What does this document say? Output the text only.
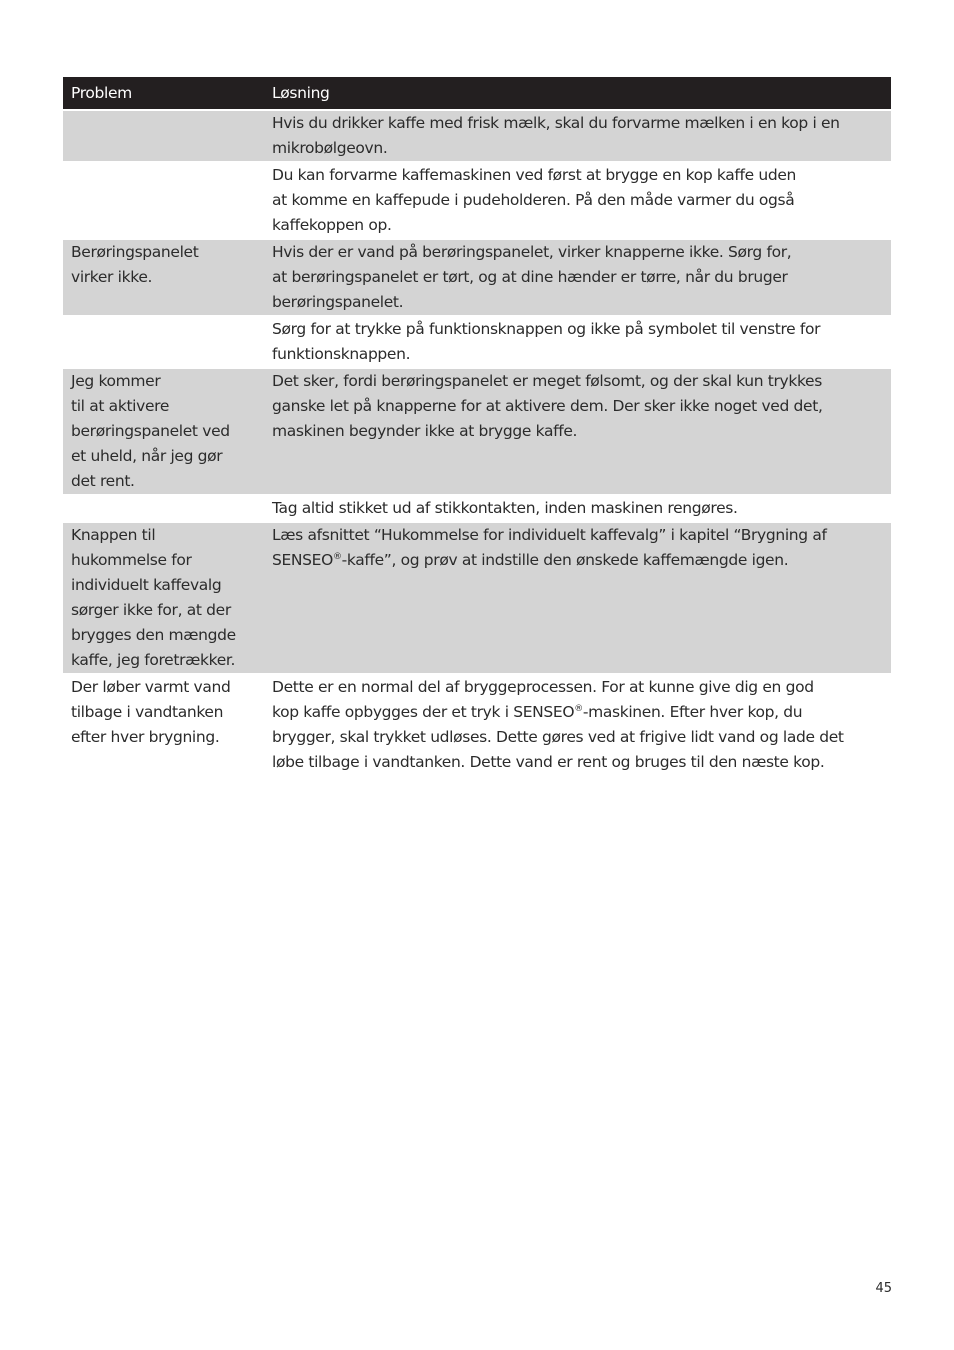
Problem	Løsning
Hvis du drikker kaffe med frisk mælk, skal du forvarme mælken i en kop i en
mikrobølgeovn.
Du kan forvarme kaffemaskinen ved først at brygge en kop kaffe uden
at komme en kaffepude i pudeholderen. På den måde varmer du også
kaffekoppen op.
Berøringspanelet
virker ikke.
Hvis der er vand på berøringspanelet, virker knapperne ikke. Sørg for,
at berøringspanelet er tørt, og at dine hænder er tørre, når du bruger
berøringspanelet.
Sørg for at trykke på funktionsknappen og ikke på symbolet til venstre for
funktionsknappen.
Jeg kommer
til at aktivere
berøringspanelet ved
et uheld, når jeg gør
det rent.
Det sker, fordi berøringspanelet er meget følsomt, og der skal kun trykkes
ganske let på knapperne for at aktivere dem. Der sker ikke noget ved det,
maskinen begynder ikke at brygge kaffe.
Tag altid stikket ud af stikkontakten, inden maskinen rengøres.
Knappen til
hukommelse for
individuelt kaffevalg
sørger ikke for, at der
brygges den mængde
kaffe, jeg foretrækker.
Læs afsnittet “Hukommelse for individuelt kaffevalg” i kapitel “Brygning af
SENSEO®-kaffe”, og prøv at indstille den ønskede kaffemængde igen.
Der løber varmt vand
tilbage i vandtanken
efter hver brygning.
Dette er en normal del af bryggeprocessen. For at kunne give dig en god
kop kaffe opbygges der et tryk i SENSEO®-maskinen. Efter hver kop, du
brygger, skal trykket udløses. Dette gøres ved at frigive lidt vand og lade det
løbe tilbage i vandtanken. Dette vand er rent og bruges til den næste kop.
45
